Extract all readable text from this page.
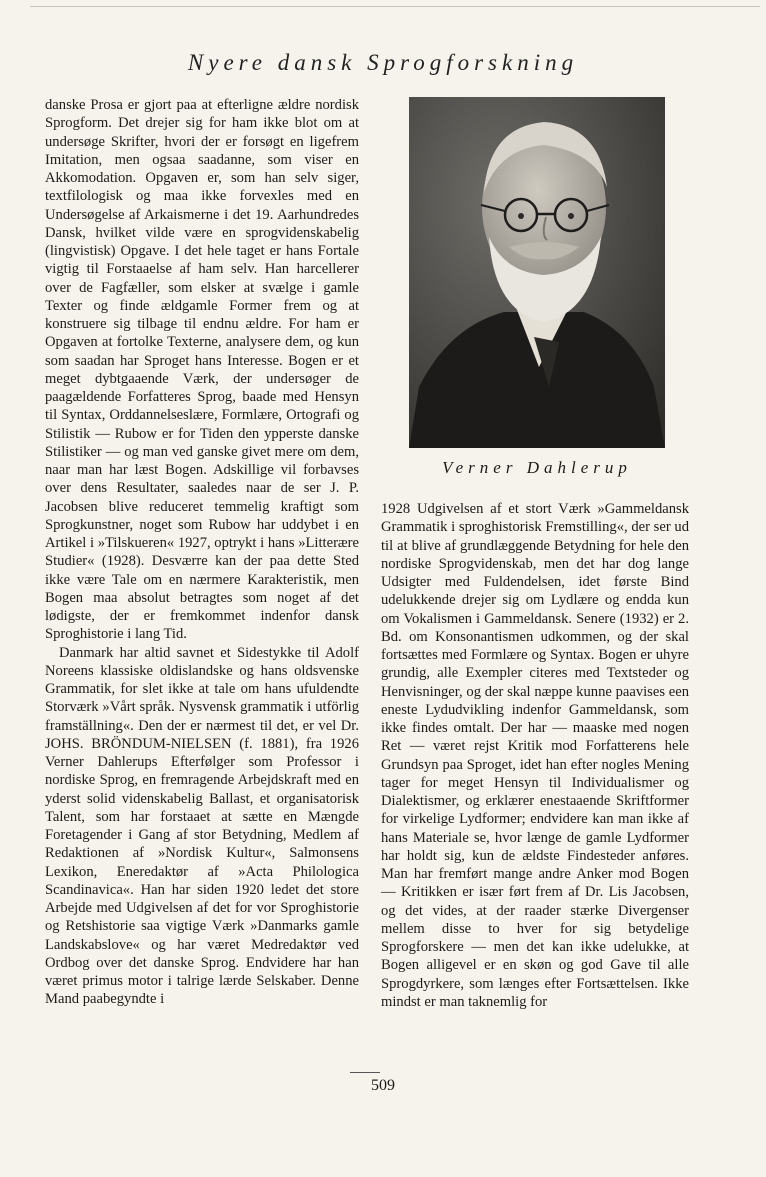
Nyere dansk Sprogforskning

danske Prosa er gjort paa at efterligne ældre nordisk Sprogform. Det drejer sig for ham ikke blot om at undersøge Skrifter, hvori der er forsøgt en ligefrem Imitation, men ogsaa saadanne, som viser en Akkomodation. Opgaven er, som han selv siger, textfilologisk og maa ikke forvexles med en Undersøgelse af Arkaismerne i det 19. Aarhundredes Dansk, hvilket vilde være en sprogvidenskabelig (lingvistisk) Opgave. I det hele taget er hans Fortale vigtig til Forstaaelse af ham selv. Han harcellerer over de Fagfæller, som elsker at svælge i gamle Texter og finde ældgamle Former frem og at konstruere sig tilbage til endnu ældre. For ham er Opgaven at fortolke Texterne, analysere dem, og kun som saadan har Sproget hans Interesse. Bogen er et meget dybtgaaende Værk, der undersøger de paagældende Forfatteres Sprog, baade med Hensyn til Syntax, Orddannelseslære, Formlære, Ortografi og Stilistik — Rubow er for Tiden den ypperste danske Stilistiker — og man ved ganske givet mere om dem, naar man har læst Bogen. Adskillige vil forbavses over dens Resultater, saaledes naar de ser J. P. Jacobsen blive reduceret temmelig kraftigt som Sprogkunstner, noget som Rubow har uddybet i en Artikel i »Tilskueren« 1927, optrykt i hans »Litterære Studier« (1928). Desværre kan der paa dette Sted ikke være Tale om en nærmere Karakteristik, men Bogen maa absolut betragtes som noget af det lødigste, der er fremkommet indenfor dansk Sproghistorie i lang Tid.

Danmark har altid savnet et Sidestykke til Adolf Noreens klassiske oldislandske og hans oldsvenske Grammatik, for slet ikke at tale om hans ufuldendte Storværk »Vårt språk. Nysvensk grammatik i utförlig framställning«. Den der er nærmest til det, er vel Dr. JOHS. BRÖNDUM-NIELSEN (f. 1881), fra 1926 Verner Dahlerups Efterfølger som Professor i nordiske Sprog, en fremragende Arbejdskraft med en yderst solid videnskabelig Ballast, et organisatorisk Talent, som har forstaaet at sætte en Mængde Foretagender i Gang af stor Betydning, Medlem af Redaktionen af »Nordisk Kultur«, Salmonsens Lexikon, Eneredaktør af »Acta Philologica Scandinavica«. Han har siden 1920 ledet det store Arbejde med Udgivelsen af det for vor Sproghistorie og Retshistorie saa vigtige Værk »Danmarks gamle Landskabslove« og har været Medredaktør ved Ordbog over det danske Sprog. Endvidere har han været primus motor i talrige lærde Selskaber. Denne Mand paabegyndte i

Verner Dahlerup

1928 Udgivelsen af et stort Værk »Gammeldansk Grammatik i sproghistorisk Fremstilling«, der ser ud til at blive af grundlæggende Betydning for hele den nordiske Sprogvidenskab, men det har dog lange Udsigter med Fuldendelsen, idet første Bind udelukkende drejer sig om Lydlære og endda kun om Vokalismen i Gammeldansk. Senere (1932) er 2. Bd. om Konsonantismen udkommen, og der skal fortsættes med Formlære og Syntax. Bogen er uhyre grundig, alle Exempler citeres med Textsteder og Henvisninger, og der skal næppe kunne paavises een eneste Lydudvikling indenfor Gammeldansk, som ikke findes omtalt. Der har — maaske med nogen Ret — været rejst Kritik mod Forfatterens hele Grundsyn paa Sproget, idet han efter nogles Mening tager for meget Hensyn til Individualismer og Dialektismer, og erklærer enestaaende Skriftformer for virkelige Lydformer; endvidere kan man ikke af hans Materiale se, hvor længe de gamle Lydformer har holdt sig, kun de ældste Findesteder anføres. Man har fremført mange andre Anker mod Bogen — Kritikken er især ført frem af Dr. Lis Jacobsen, og det vides, at der raader stærke Divergenser mellem disse to hver for sig betydelige Sprogforskere — men det kan ikke udelukke, at Bogen alligevel er en skøn og god Gave til alle Sprogdyrkere, som længes efter Fortsættelsen. Ikke mindst er man taknemlig for

509
